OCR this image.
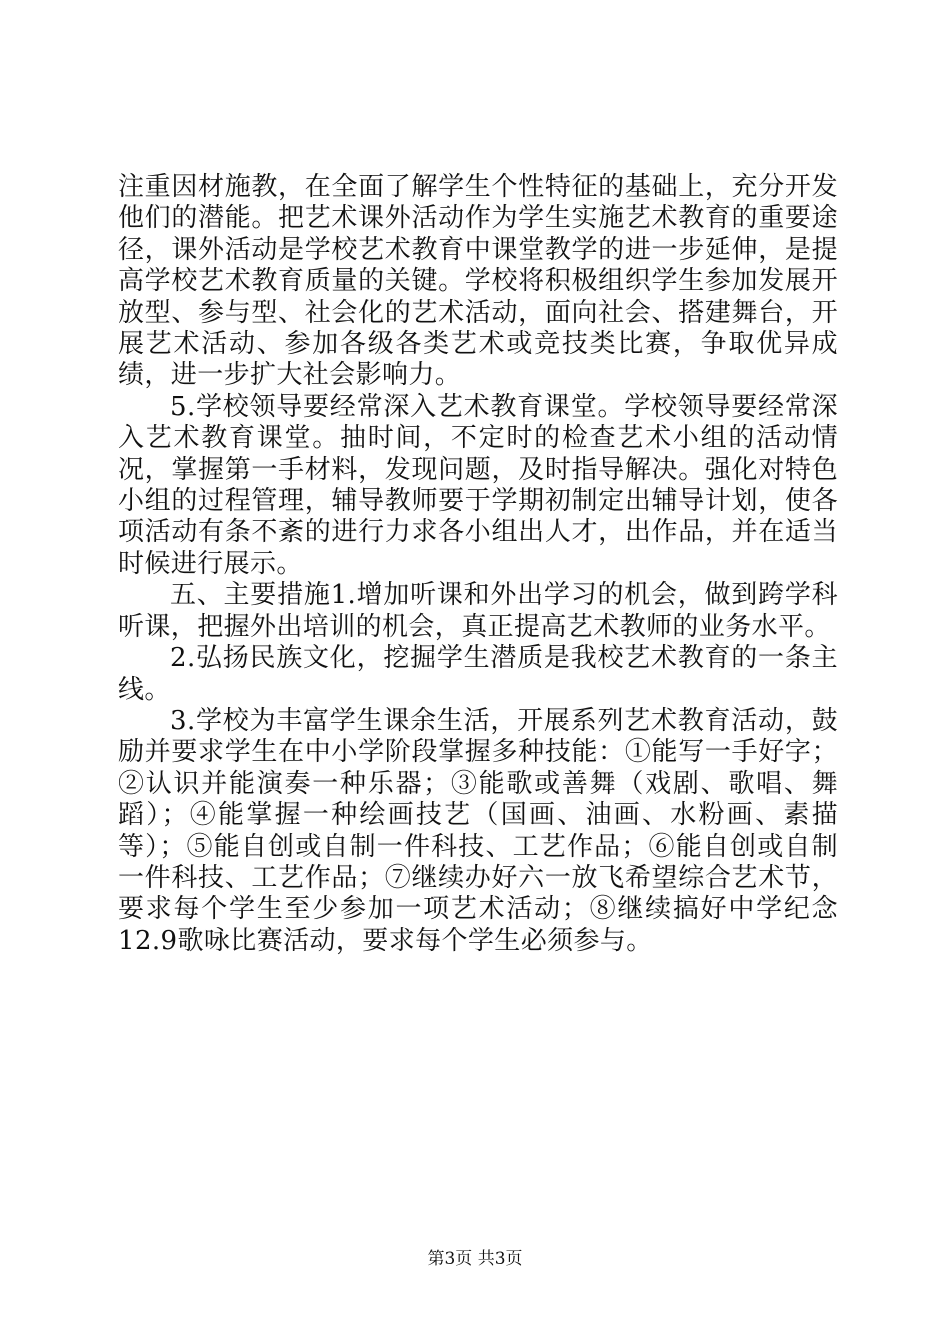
注重因材施教，在全面了解学生个性特征的基础上，充分开发他们的潜能。把艺术课外活动作为学生实施艺术教育的重要途径，课外活动是学校艺术教育中课堂教学的进一步延伸，是提高学校艺术教育质量的关键。学校将积极组织学生参加发展开放型、参与型、社会化的艺术活动，面向社会、搭建舞台，开展艺术活动、参加各级各类艺术或竞技类比赛，争取优异成绩，进一步扩大社会影响力。

5.学校领导要经常深入艺术教育课堂。学校领导要经常深入艺术教育课堂。抽时间，不定时的检查艺术小组的活动情况，掌握第一手材料，发现问题，及时指导解决。强化对特色小组的过程管理，辅导教师要于学期初制定出辅导计划，使各项活动有条不紊的进行力求各小组出人才，出作品，并在适当时候进行展示。

五、主要措施1.增加听课和外出学习的机会，做到跨学科听课，把握外出培训的机会，真正提高艺术教师的业务水平。

2.弘扬民族文化，挖掘学生潜质是我校艺术教育的一条主线。

3.学校为丰富学生课余生活，开展系列艺术教育活动，鼓励并要求学生在中小学阶段掌握多种技能：①能写一手好字；②认识并能演奏一种乐器；③能歌或善舞（戏剧、歌唱、舞蹈）；④能掌握一种绘画技艺（国画、油画、水粉画、素描等）；⑤能自创或自制一件科技、工艺作品；⑥能自创或自制一件科技、工艺作品；⑦继续办好六一放飞希望综合艺术节，要求每个学生至少参加一项艺术活动；⑧继续搞好中学纪念12.9歌咏比赛活动，要求每个学生必须参与。

第3页 共3页
